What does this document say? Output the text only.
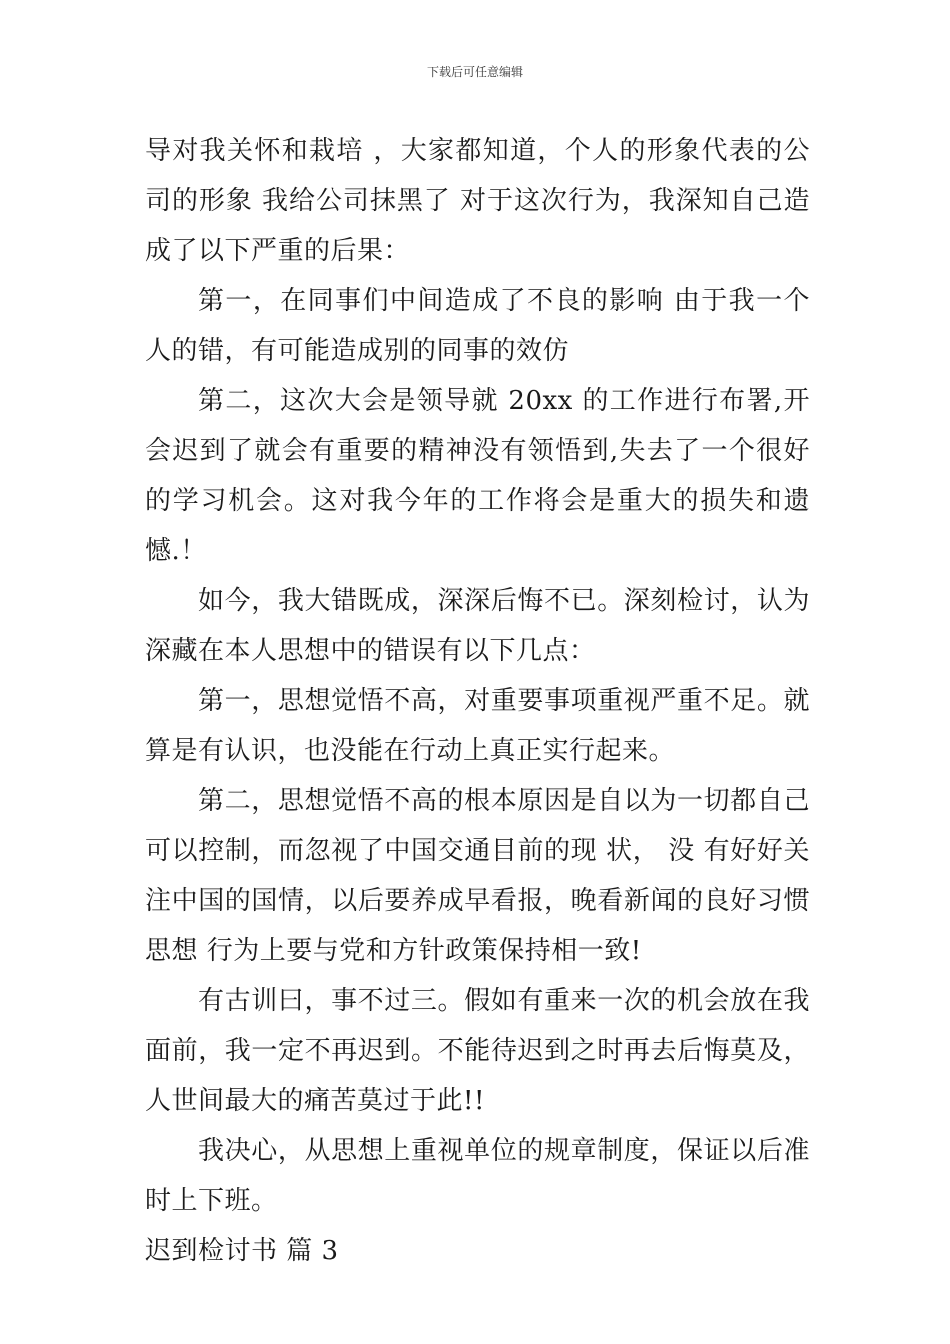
下载后可任意编辑

导对我关怀和栽培 ，大家都知道，个人的形象代表的公司的形象 我给公司抹黑了 对于这次行为，我深知自己造成了以下严重的后果：

第一，在同事们中间造成了不良的影响 由于我一个人的错，有可能造成别的同事的效仿

第二，这次大会是领导就 20xx 的工作进行布署,开会迟到了就会有重要的精神没有领悟到,失去了一个很好的学习机会。这对我今年的工作将会是重大的损失和遗憾.！

如今，我大错既成，深深后悔不已。深刻检讨，认为深藏在本人思想中的错误有以下几点：

第一，思想觉悟不高，对重要事项重视严重不足。就算是有认识，也没能在行动上真正实行起来。

第二，思想觉悟不高的根本原因是自以为一切都自己可以控制，而忽视了中国交通目前的现 状， 没 有好好关注中国的国情，以后要养成早看报，晚看新闻的良好习惯 思想 行为上要与党和方针政策保持相一致!

有古训曰，事不过三。假如有重来一次的机会放在我面前，我一定不再迟到。不能待迟到之时再去后悔莫及，人世间最大的痛苦莫过于此!!

我决心，从思想上重视单位的规章制度，保证以后准时上下班。

迟到检讨书 篇 3
